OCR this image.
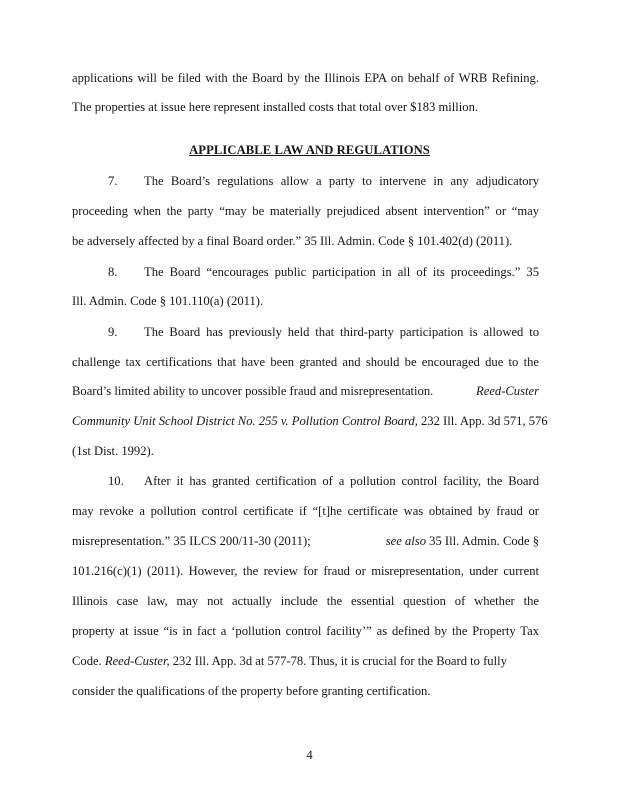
applications will be filed with the Board by the Illinois EPA on behalf of WRB Refining.
The properties at issue here represent installed costs that total over $183 million.
APPLICABLE LAW AND REGULATIONS
7. The Board’s regulations allow a party to intervene in any adjudicatory
proceeding when the party “may be materially prejudiced absent intervention” or “may
be adversely affected by a final Board order.” 35 Ill. Admin. Code § 101.402(d) (2011).
8. The Board “encourages public participation in all of its proceedings.” 35
Ill. Admin. Code § 101.110(a) (2011).
9. The Board has previously held that third-party participation is allowed to
challenge tax certifications that have been granted and should be encouraged due to the
Board’s limited ability to uncover possible fraud and misrepresentation.	Reed-Custer
Community Unit School District No. 255 v. Pollution Control Board, 232 Ill. App. 3d 571, 576
(1st Dist. 1992).
10. After it has granted certification of a pollution control facility, the Board
may revoke a pollution control certificate if “[t]he certificate was obtained by fraud or
misrepresentation.” 35 ILCS 200/11-30 (2011);	see also 35 Ill. Admin. Code §
101.216(c)(1) (2011). However, the review for fraud or misrepresentation, under current
Illinois case law, may not actually include the essential question of whether the
property at issue “is in fact a ‘pollution control facility’” as defined by the Property Tax
Code. Reed-Custer, 232 Ill. App. 3d at 577-78. Thus, it is crucial for the Board to fully
consider the qualifications of the property before granting certification.
4
